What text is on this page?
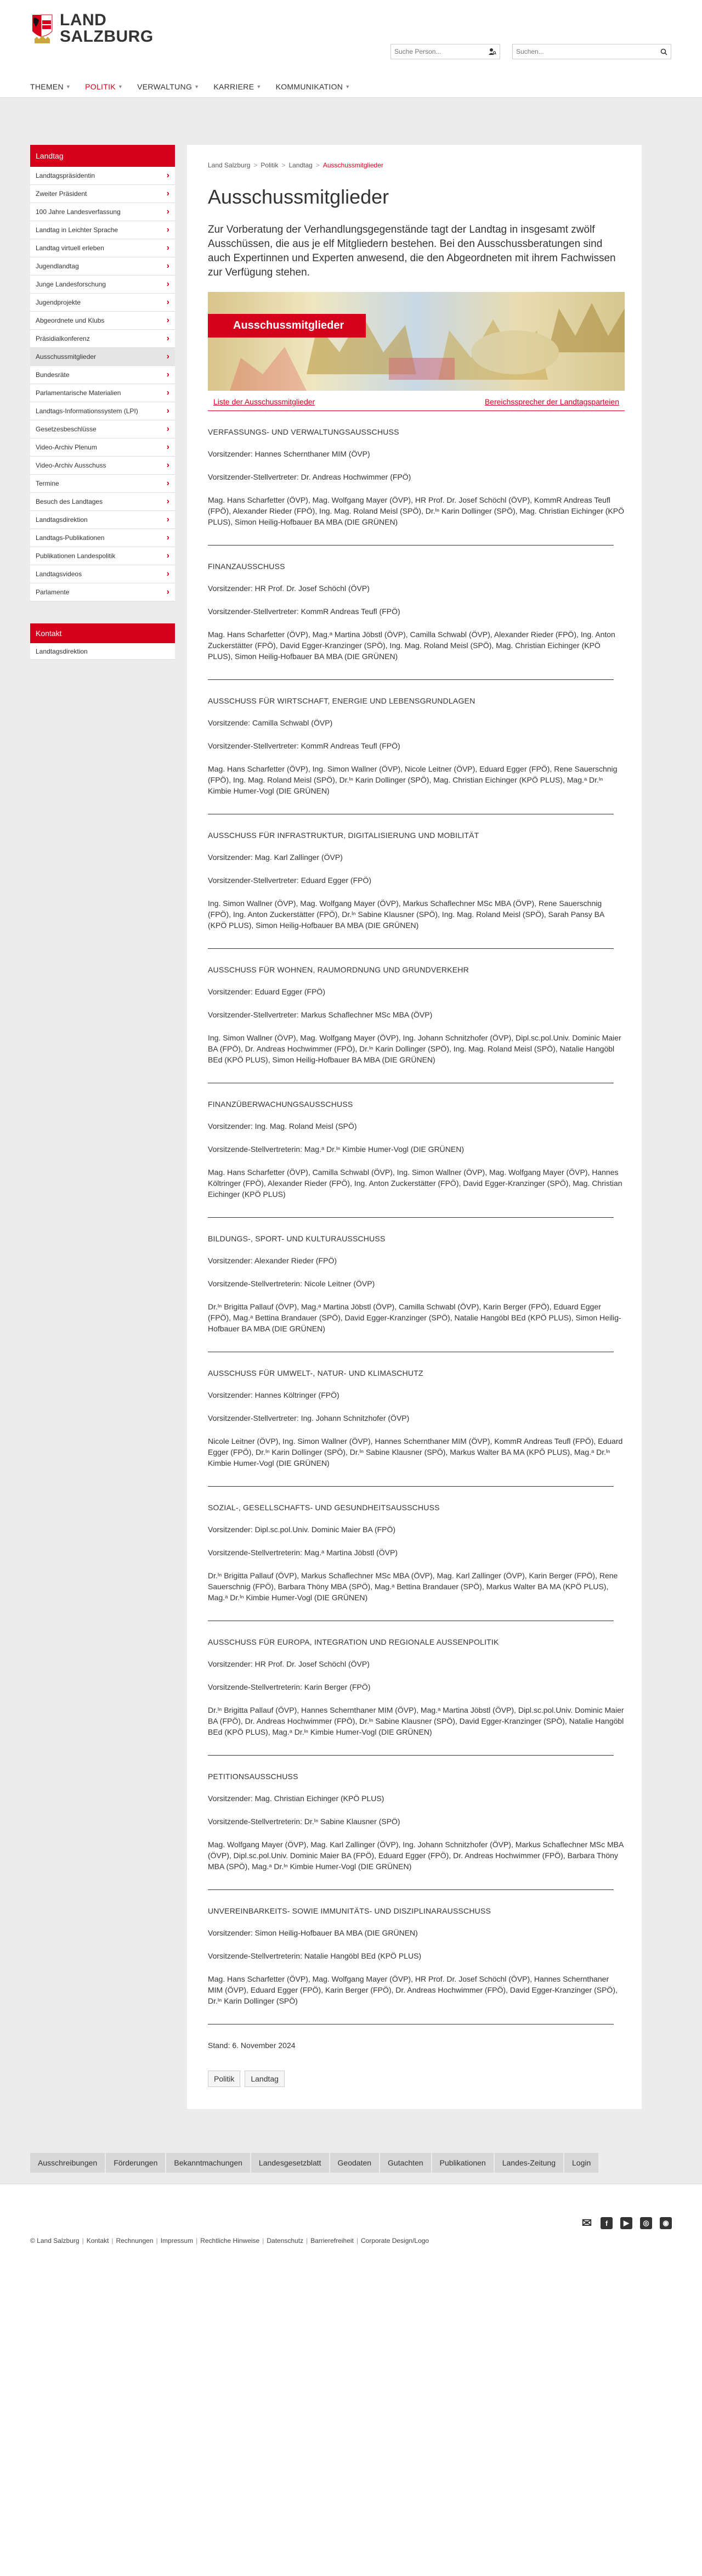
LAND
SALZBURG
Suche Person...
Suchen...
THEMEN ▼ POLITIK ▼ VERWALTUNG ▼ KARRIERE ▼ KOMMUNIKATION ▼
Landtag
Landtagspräsidentin	›
Zweiter Präsident	›
100 Jahre Landesverfassung	›
Landtag in Leichter Sprache	›
Landtag virtuell erleben	›
Jugendlandtag	›
Junge Landesforschung	›
Jugendprojekte	›
Abgeordnete und Klubs	›
Präsidialkonferenz	›
Ausschussmitglieder	›
Bundesräte	›
Parlamentarische Materialien	›
Landtags-Informationssystem (LPI)	›
Gesetzesbeschlüsse	›
Video-Archiv Plenum	›
Video-Archiv Ausschuss	›
Termine	›
Besuch des Landtages	›
Landtagsdirektion	›
Landtags-Publikationen	›
Publikationen Landespolitik	›
Landtagsvideos	›
Parlamente	›
Kontakt
Landtagsdirektion
Land Salzburg > Politik > Landtag > Ausschussmitglieder
Ausschussmitglieder

Zur Vorberatung der Verhandlungsgegenstände tagt der Landtag in insgesamt zwölf Ausschüssen, die aus je elf Mitgliedern bestehen. Bei den Ausschussberatungen sind auch Expertinnen und Experten anwesend, die den Abgeordneten mit ihrem Fachwissen zur Verfügung stehen.

Ausschussmitglieder
Liste der Ausschussmitglieder	Bereichssprecher der Landtagsparteien
VERFASSUNGS- UND VERWALTUNGSAUSSCHUSS

Vorsitzender: Hannes Schernthaner MIM (ÖVP)

Vorsitzender-Stellvertreter: Dr. Andreas Hochwimmer (FPÖ)

Mag. Hans Scharfetter (ÖVP), Mag. Wolfgang Mayer (ÖVP), HR Prof. Dr. Josef Schöchl (ÖVP), KommR Andreas Teufl (FPÖ), Alexander Rieder (FPÖ), Ing. Mag. Roland Meisl (SPÖ), Dr.ᴵⁿ Karin Dollinger (SPÖ), Mag. Christian Eichinger (KPÖ PLUS), Simon Heilig-Hofbauer BA MBA (DIE GRÜNEN)

FINANZAUSSCHUSS

Vorsitzender: HR Prof. Dr. Josef Schöchl (ÖVP)

Vorsitzender-Stellvertreter: KommR Andreas Teufl (FPÖ)

Mag. Hans Scharfetter (ÖVP), Mag.ᵃ Martina Jöbstl (ÖVP), Camilla Schwabl (ÖVP), Alexander Rieder (FPÖ), Ing. Anton Zuckerstätter (FPÖ), David Egger-Kranzinger (SPÖ), Ing. Mag. Roland Meisl (SPÖ), Mag. Christian Eichinger (KPÖ PLUS), Simon Heilig-Hofbauer BA MBA (DIE GRÜNEN)

AUSSCHUSS FÜR WIRTSCHAFT, ENERGIE UND LEBENSGRUNDLAGEN

Vorsitzende: Camilla Schwabl (ÖVP)

Vorsitzender-Stellvertreter: KommR Andreas Teufl (FPÖ)

Mag. Hans Scharfetter (ÖVP), Ing. Simon Wallner (ÖVP), Nicole Leitner (ÖVP), Eduard Egger (FPÖ), Rene Sauerschnig (FPÖ), Ing. Mag. Roland Meisl (SPÖ), Dr.ᴵⁿ Karin Dollinger (SPÖ), Mag. Christian Eichinger (KPÖ PLUS), Mag.ᵃ Dr.ᴵⁿ Kimbie Humer-Vogl (DIE GRÜNEN)

AUSSCHUSS FÜR INFRASTRUKTUR, DIGITALISIERUNG UND MOBILITÄT

Vorsitzender: Mag. Karl Zallinger (ÖVP)

Vorsitzender-Stellvertreter: Eduard Egger (FPÖ)

Ing. Simon Wallner (ÖVP), Mag. Wolfgang Mayer (ÖVP), Markus Schaflechner MSc MBA (ÖVP), Rene Sauerschnig (FPÖ), Ing. Anton Zuckerstätter (FPÖ), Dr.ᴵⁿ Sabine Klausner (SPÖ), Ing. Mag. Roland Meisl (SPÖ), Sarah Pansy BA (KPÖ PLUS), Simon Heilig-Hofbauer BA MBA (DIE GRÜNEN)

AUSSCHUSS FÜR WOHNEN, RAUMORDNUNG UND GRUNDVERKEHR

Vorsitzender: Eduard Egger (FPÖ)

Vorsitzender-Stellvertreter: Markus Schaflechner MSc MBA (ÖVP)

Ing. Simon Wallner (ÖVP), Mag. Wolfgang Mayer (ÖVP), Ing. Johann Schnitzhofer (ÖVP), Dipl.sc.pol.Univ. Dominic Maier BA (FPÖ), Dr. Andreas Hochwimmer (FPÖ), Dr.ᴵⁿ Karin Dollinger (SPÖ), Ing. Mag. Roland Meisl (SPÖ), Natalie Hangöbl BEd (KPÖ PLUS), Simon Heilig-Hofbauer BA MBA (DIE GRÜNEN)

FINANZÜBERWACHUNGSAUSSCHUSS

Vorsitzender: Ing. Mag. Roland Meisl (SPÖ)

Vorsitzende-Stellvertreterin: Mag.ᵃ Dr.ᴵⁿ Kimbie Humer-Vogl (DIE GRÜNEN)

Mag. Hans Scharfetter (ÖVP), Camilla Schwabl (ÖVP), Ing. Simon Wallner (ÖVP), Mag. Wolfgang Mayer (ÖVP), Hannes Költringer (FPÖ), Alexander Rieder (FPÖ), Ing. Anton Zuckerstätter (FPÖ), David Egger-Kranzinger (SPÖ), Mag. Christian Eichinger (KPÖ PLUS)

BILDUNGS-, SPORT- UND KULTURAUSSCHUSS

Vorsitzender: Alexander Rieder (FPÖ)

Vorsitzende-Stellvertreterin: Nicole Leitner (ÖVP)

Dr.ᴵⁿ Brigitta Pallauf (ÖVP), Mag.ᵃ Martina Jöbstl (ÖVP), Camilla Schwabl (ÖVP), Karin Berger (FPÖ), Eduard Egger (FPÖ), Mag.ᵃ Bettina Brandauer (SPÖ), David Egger-Kranzinger (SPÖ), Natalie Hangöbl BEd (KPÖ PLUS), Simon Heilig-Hofbauer BA MBA (DIE GRÜNEN)

AUSSCHUSS FÜR UMWELT-, NATUR- UND KLIMASCHUTZ

Vorsitzender: Hannes Költringer (FPÖ)

Vorsitzender-Stellvertreter: Ing. Johann Schnitzhofer (ÖVP)

Nicole Leitner (ÖVP), Ing. Simon Wallner (ÖVP), Hannes Schernthaner MIM (ÖVP), KommR Andreas Teufl (FPÖ), Eduard Egger (FPÖ), Dr.ᴵⁿ Karin Dollinger (SPÖ), Dr.ᴵⁿ Sabine Klausner (SPÖ), Markus Walter BA MA (KPÖ PLUS), Mag.ᵃ Dr.ᴵⁿ Kimbie Humer-Vogl (DIE GRÜNEN)

SOZIAL-, GESELLSCHAFTS- UND GESUNDHEITSAUSSCHUSS

Vorsitzender: Dipl.sc.pol.Univ. Dominic Maier BA (FPÖ)

Vorsitzende-Stellvertreterin: Mag.ᵃ Martina Jöbstl (ÖVP)

Dr.ᴵⁿ Brigitta Pallauf (ÖVP), Markus Schaflechner MSc MBA (ÖVP), Mag. Karl Zallinger (ÖVP), Karin Berger (FPÖ), Rene Sauerschnig (FPÖ), Barbara Thöny MBA (SPÖ), Mag.ᵃ Bettina Brandauer (SPÖ), Markus Walter BA MA (KPÖ PLUS), Mag.ᵃ Dr.ᴵⁿ Kimbie Humer-Vogl (DIE GRÜNEN)

AUSSCHUSS FÜR EUROPA, INTEGRATION UND REGIONALE AUSSENPOLITIK

Vorsitzender: HR Prof. Dr. Josef Schöchl (ÖVP)

Vorsitzende-Stellvertreterin: Karin Berger (FPÖ)

Dr.ᴵⁿ Brigitta Pallauf (ÖVP), Hannes Schernthaner MIM (ÖVP), Mag.ᵃ Martina Jöbstl (ÖVP), Dipl.sc.pol.Univ. Dominic Maier BA (FPÖ), Dr. Andreas Hochwimmer (FPÖ), Dr.ᴵⁿ Sabine Klausner (SPÖ), David Egger-Kranzinger (SPÖ), Natalie Hangöbl BEd (KPÖ PLUS), Mag.ᵃ Dr.ᴵⁿ Kimbie Humer-Vogl (DIE GRÜNEN)

PETITIONSAUSSCHUSS

Vorsitzender: Mag. Christian Eichinger (KPÖ PLUS)

Vorsitzende-Stellvertreterin: Dr.ᴵⁿ Sabine Klausner (SPÖ)

Mag. Wolfgang Mayer (ÖVP), Mag. Karl Zallinger (ÖVP), Ing. Johann Schnitzhofer (ÖVP), Markus Schaflechner MSc MBA (ÖVP), Dipl.sc.pol.Univ. Dominic Maier BA (FPÖ), Eduard Egger (FPÖ), Dr. Andreas Hochwimmer (FPÖ), Barbara Thöny MBA (SPÖ), Mag.ᵃ Dr.ᴵⁿ Kimbie Humer-Vogl (DIE GRÜNEN)

UNVEREINBARKEITS- SOWIE IMMUNITÄTS- UND DISZIPLINARAUSSCHUSS

Vorsitzender: Simon Heilig-Hofbauer BA MBA (DIE GRÜNEN)

Vorsitzende-Stellvertreterin: Natalie Hangöbl BEd (KPÖ PLUS)

Mag. Hans Scharfetter (ÖVP), Mag. Wolfgang Mayer (ÖVP), HR Prof. Dr. Josef Schöchl (ÖVP), Hannes Schernthaner MIM (ÖVP), Eduard Egger (FPÖ), Karin Berger (FPÖ), Dr. Andreas Hochwimmer (FPÖ), David Egger-Kranzinger (SPÖ), Dr.ᴵⁿ Karin Dollinger (SPÖ)

Stand: 6. November 2024

Politik	Landtag
Ausschreibungen	Förderungen	Bekanntmachungen	Landesgesetzblatt	Geodaten	Gutachten	Publikationen	Landes-Zeitung	Login
✉	f	▶	◎	◉
© Land Salzburg | Kontakt | Rechnungen | Impressum | Rechtliche Hinweise | Datenschutz | Barrierefreiheit | Corporate Design/Logo
